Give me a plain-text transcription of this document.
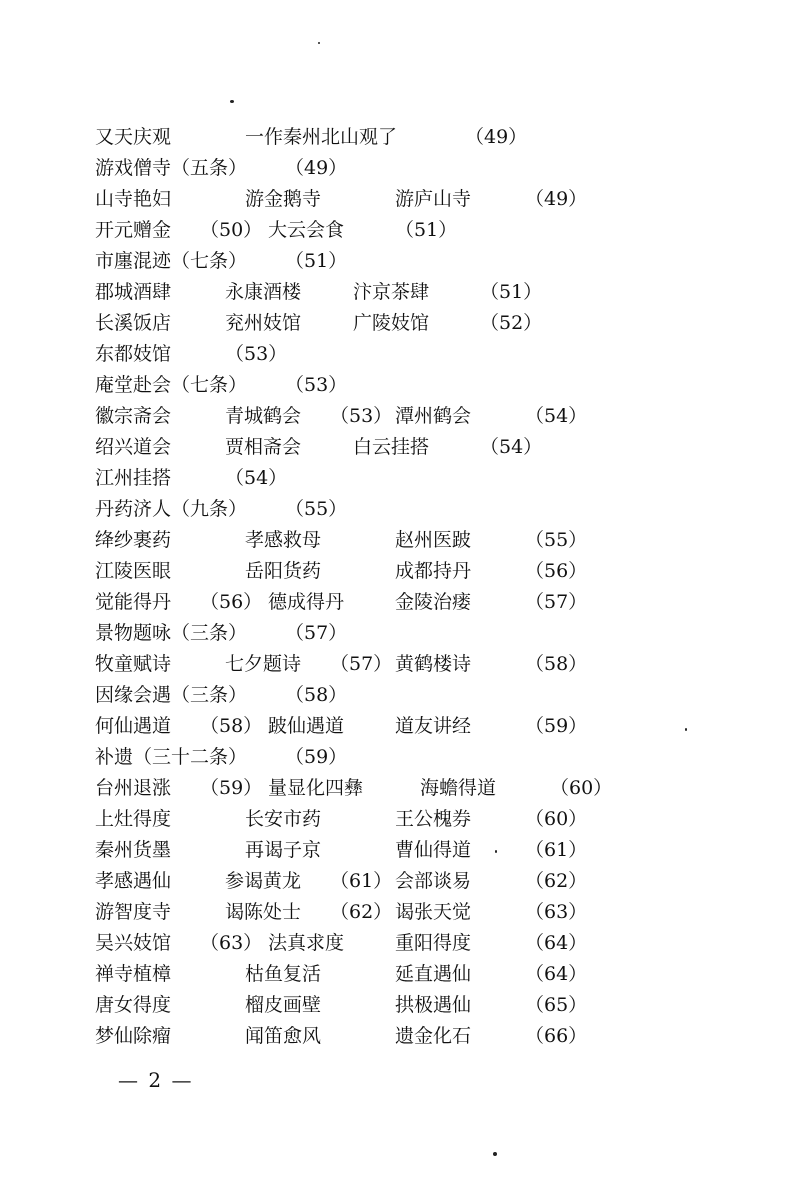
又天庆观	一作秦州北山观了	（49）
游戏僧寺（五条） （49）
山寺艳妇	游金鹅寺	游庐山寺	（49）
开元赠金 （50） 大云会食	（51）
市廛混迹（七条） （51）
郡城酒肆	永康酒楼	汴京茶肆	（51）
长溪饭店	兖州妓馆	广陵妓馆	（52）
东都妓馆	（53）
庵堂赴会（七条） （53）
徽宗斋会	青城鹤会 （53） 潭州鹤会	（54）
绍兴道会	贾相斋会	白云挂搭	（54）
江州挂搭	（54）
丹药济人（九条） （55）
绛纱裹药	孝感救母	赵州医跛	（55）
江陵医眼	岳阳货药	成都持丹	（56）
觉能得丹 （56） 德成得丹	金陵治瘘	（57）
景物题咏（三条） （57）
牧童赋诗	七夕题诗 （57） 黄鹤楼诗	（58）
因缘会遇（三条） （58）
何仙遇道 （58） 跛仙遇道	道友讲经	（59）
补遗（三十二条） （59）
台州退涨 （59） 量显化四彝	海蟾得道	（60）
上灶得度	长安市药	王公槐券	（60）
秦州货墨	再谒子京	曹仙得道	（61）
孝感遇仙	参谒黄龙 （61） 会部谈易	（62）
游智度寺	谒陈处士 （62） 谒张天觉	（63）
吴兴妓馆 （63） 法真求度	重阳得度	（64）
禅寺植樟	枯鱼复活	延直遇仙	（64）
唐女得度	榴皮画壁	拱极遇仙	（65）
梦仙除瘤	闻笛愈风	遗金化石	（66）
— 2 —
